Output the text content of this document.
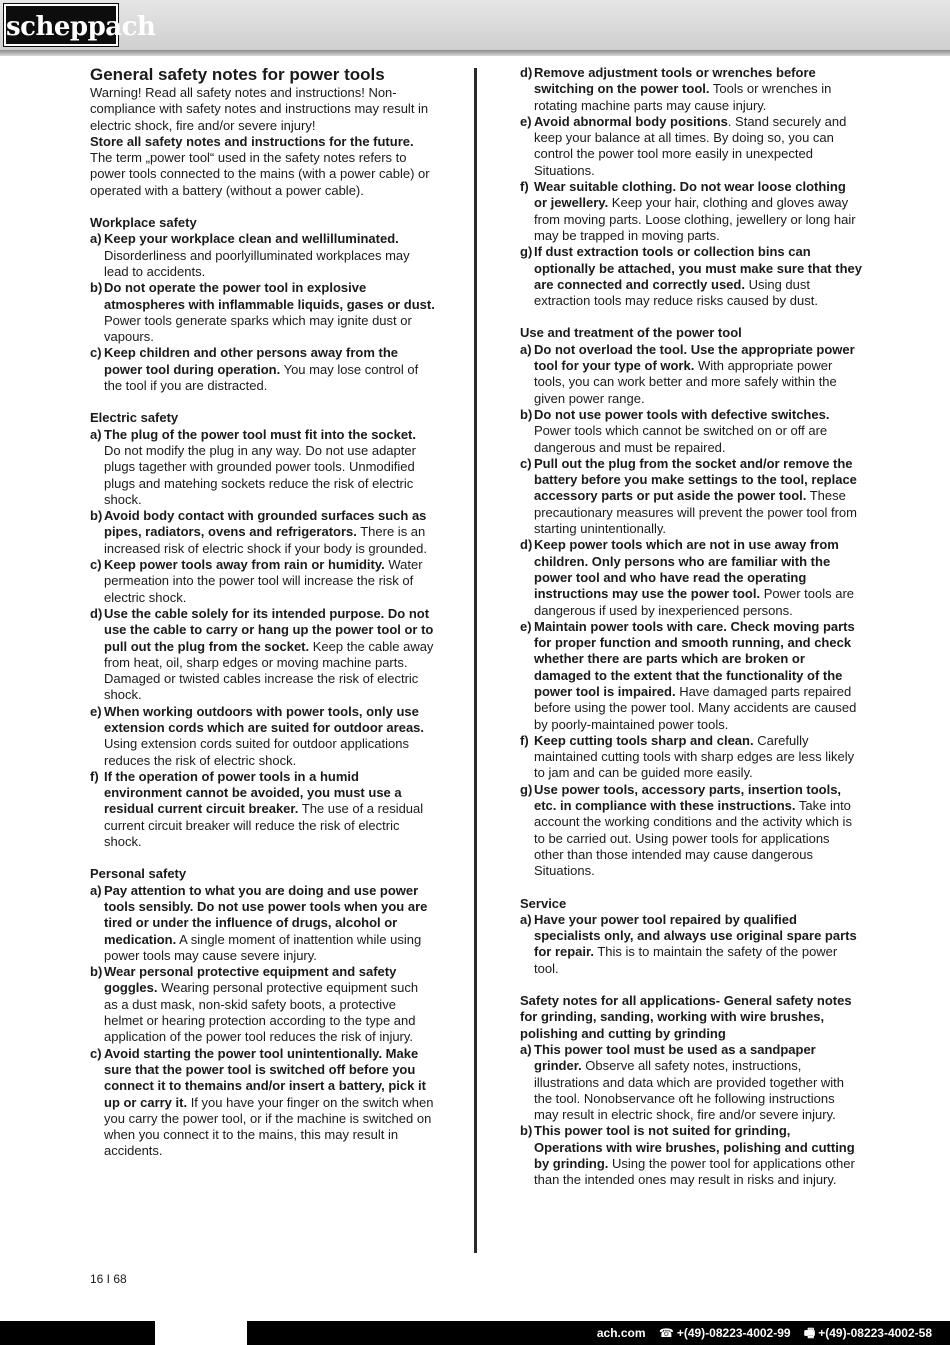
scheppach
General safety notes for power tools

Warning! Read all safety notes and instructions! Non-compliance with safety notes and instructions may result in electric shock, fire and/or severe injury!

Store all safety notes and instructions for the future.

The term „power tool“ used in the safety notes refers to power tools connected to the mains (with a power cable) or operated with a battery (without a power cable).

Workplace safety

a) Keep your workplace clean and wellilluminated. Disorderliness and poorlyilluminated workplaces may lead to accidents.
b) Do not operate the power tool in explosive atmospheres with inflammable liquids, gases or dust. Power tools generate sparks which may ignite dust or vapours.
c) Keep children and other persons away from the power tool during operation. You may lose control of the tool if you are distracted.

Electric safety

a) The plug of the power tool must fit into the socket. Do not modify the plug in any way. Do not use adapter plugs tagether with grounded power tools. Unmodified plugs and matehing sockets reduce the risk of electric shock.
b) Avoid body contact with grounded surfaces such as pipes, radiators, ovens and refrigerators. There is an increased risk of electric shock if your body is grounded.
c) Keep power tools away from rain or humidity. Water permeation into the power tool will increase the risk of electric shock.
d) Use the cable solely for its intended purpose. Do not use the cable to carry or hang up the power tool or to pull out the plug from the socket. Keep the cable away from heat, oil, sharp edges or moving machine parts. Damaged or twisted cables increase the risk of electric shock.
e) When working outdoors with power tools, only use extension cords which are suited for outdoor areas. Using extension cords suited for outdoor applications reduces the risk of electric shock.
f) If the operation of power tools in a humid environment cannot be avoided, you must use a residual current circuit breaker. The use of a residual current circuit breaker will reduce the risk of electric shock.

Personal safety

a) Pay attention to what you are doing and use power tools sensibly. Do not use power tools when you are tired or under the influence of drugs, alcohol or medication. A single moment of inattention while using power tools may cause severe injury.
b) Wear personal protective equipment and safety goggles. Wearing personal protective equipment such as a dust mask, non-skid safety boots, a protective helmet or hearing protection according to the type and application of the power tool reduces the risk of injury.
c) Avoid starting the power tool unintentionally. Make sure that the power tool is switched off before you connect it to themains and/or insert a battery, pick it up or carry it. If you have your finger on the switch when you carry the power tool, or if the machine is switched on when you connect it to the mains, this may result in accidents.
d) Remove adjustment tools or wrenches before switching on the power tool. Tools or wrenches in rotating machine parts may cause injury.
e) Avoid abnormal body positions. Stand securely and keep your balance at all times. By doing so, you can control the power tool more easily in unexpected Situations.
f) Wear suitable clothing. Do not wear loose clothing or jewellery. Keep your hair, clothing and gloves away from moving parts. Loose clothing, jewellery or long hair may be trapped in moving parts.
g) If dust extraction tools or collection bins can optionally be attached, you must make sure that they are connected and correctly used. Using dust extraction tools may reduce risks caused by dust.

Use and treatment of the power tool

a) Do not overload the tool. Use the appropriate power tool for your type of work. With appropriate power tools, you can work better and more safely within the given power range.
b) Do not use power tools with defective switches. Power tools which cannot be switched on or off are dangerous and must be repaired.
c) Pull out the plug from the socket and/or remove the battery before you make settings to the tool, replace accessory parts or put aside the power tool. These precautionary measures will prevent the power tool from starting unintentionally.
d) Keep power tools which are not in use away from children. Only persons who are familiar with the power tool and who have read the operating instructions may use the power tool. Power tools are dangerous if used by inexperienced persons.
e) Maintain power tools with care. Check moving parts for proper function and smooth running, and check whether there are parts which are broken or damaged to the extent that the functionality of the power tool is impaired. Have damaged parts repaired before using the power tool. Many accidents are caused by poorly-maintained power tools.
f) Keep cutting tools sharp and clean. Carefully maintained cutting tools with sharp edges are less likely to jam and can be guided more easily.
g) Use power tools, accessory parts, insertion tools, etc. in compliance with these instructions. Take into account the working conditions and the activity which is to be carried out. Using power tools for applications other than those intended may cause dangerous Situations.

Service

a) Have your power tool repaired by qualified specialists only, and always use original spare parts for repair. This is to maintain the safety of the power tool.

Safety notes for all applications- General safety notes for grinding, sanding, working with wire brushes, polishing and cutting by grinding

a) This power tool must be used as a sandpaper grinder. Observe all safety notes, instructions, illustrations and data which are provided together with the tool. Nonobservance oft he following instructions may result in electric shock, fire and/or severe injury.
b) This power tool is not suited for grinding, Operations with wire brushes, polishing and cutting by grinding. Using the power tool for applications other than the intended ones may result in risks and injury.
16 I 68
ach.com ☎ +(49)-08223-4002-99 🖷 +(49)-08223-4002-58
